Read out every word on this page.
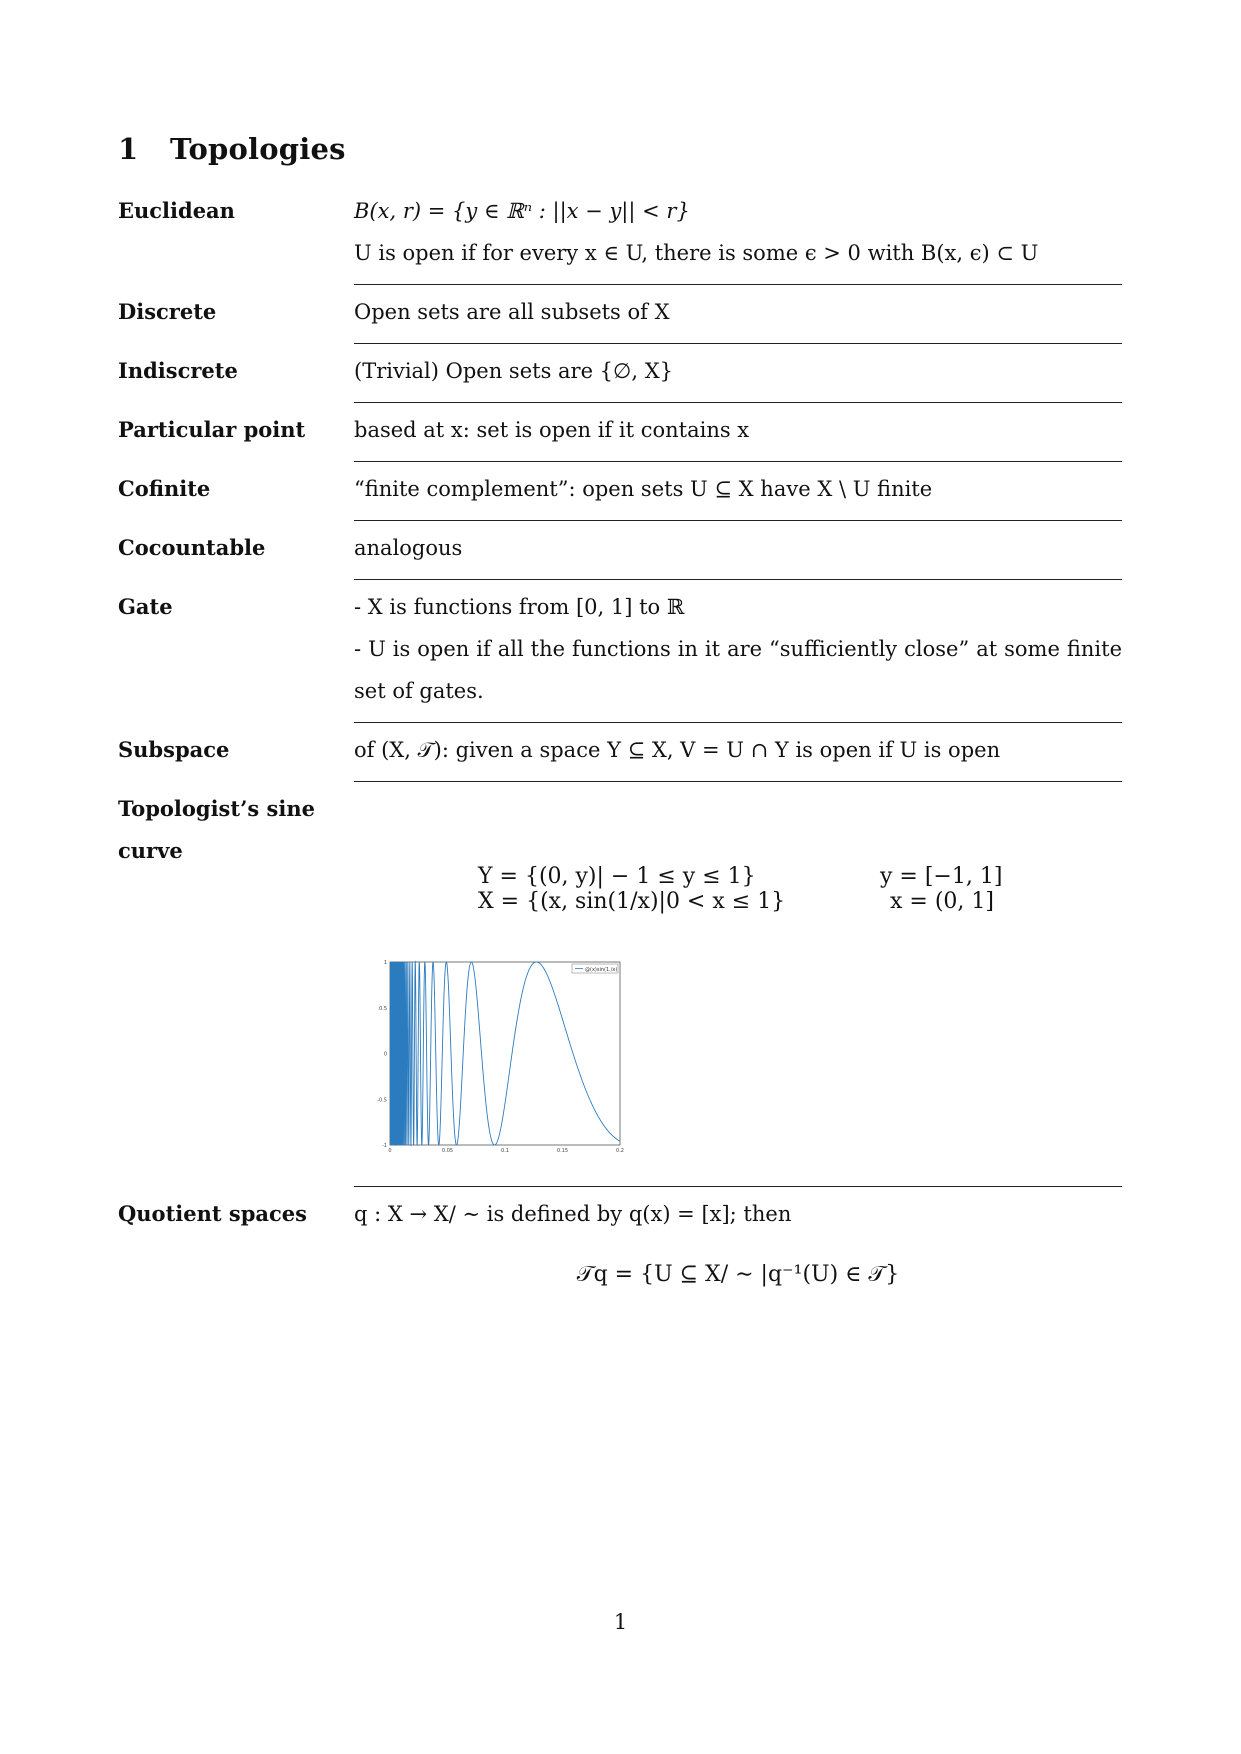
1 Topologies
Euclidean	B(x, r) = {y ∈ ℝⁿ : ||x − y|| < r}
U is open if for every x ∈ U, there is some ϵ > 0 with B(x, ϵ) ⊂ U
Discrete	Open sets are all subsets of X
Indiscrete	(Trivial) Open sets are {∅, X}
Particular point	based at x: set is open if it contains x
Cofinite	“finite complement”: open sets U ⊆ X have X \ U finite
Cocountable	analogous
Gate	- X is functions from [0, 1] to ℝ
- U is open if all the functions in it are “sufficiently close” at some finite set of gates.
Subspace	of (X, 𝒯): given a space Y ⊆ X, V = U ∩ Y is open if U is open
Topologist’s sine curve
Y = {(0, y)| − 1 ≤ y ≤ 1}
X = {(x, sin(1/x)|0 < x ≤ 1}
y = [−1, 1]
x = (0, 1]
0	0.05	0.1	0.15	0.2
1
0.5
0
-0.5
-1
@(x)sin(1./x)
Quotient spaces	q : X → X/ ∼ is defined by q(x) = [x]; then
𝒯q = {U ⊆ X/ ∼ |q⁻¹(U) ∈ 𝒯}
1
